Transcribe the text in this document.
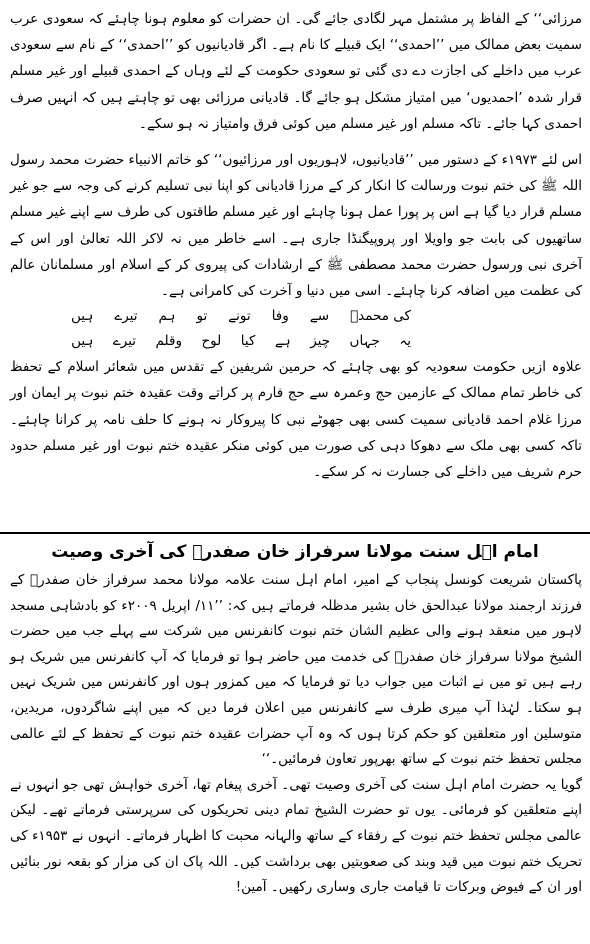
مرزائی‘‘ کے الفاظ پر مشتمل مہر لگادی جائے گی۔ ان حضرات کو معلوم ہونا چاہئے کہ سعودی عرب سمیت بعض ممالک میں ’’احمدی‘‘ ایک قبیلے کا نام ہے۔ اگر قادیانیوں کو ’’احمدی‘‘ کے نام سے سعودی عرب میں داخلے کی اجازت دے دی گئی تو سعودی حکومت کے لئے وہاں کے احمدی قبیلے اور غیر مسلم قرار شدہ ’احمدیوں‘ میں امتیاز مشکل ہو جائے گا۔ قادیانی مرزائی بھی تو چاہتے ہیں کہ انہیں صرف احمدی کہا جائے۔ تاکہ مسلم اور غیر مسلم میں کوئی فرق وامتیاز نہ ہو سکے۔

اس لئے ۱۹۷۳ء کے دستور میں ’’قادیانیوں، لاہوریوں اور مرزائیوں‘‘ کو خاتم الانبیاء حضرت محمد رسول اللہ ﷺ کی ختم نبوت ورسالت کا انکار کر کے مرزا قادیانی کو اپنا نبی تسلیم کرنے کی وجہ سے جو غیر مسلم قرار دیا گیا ہے اس پر پورا عمل ہونا چاہئے اور غیر مسلم طاقتوں کی طرف سے اپنے غیر مسلم ساتھیوں کی بابت جو واویلا اور پروپیگنڈا جاری ہے۔ اسے خاطر میں نہ لاکر اللہ تعالیٰ اور اس کے آخری نبی ورسول حضرت محمد مصطفی ﷺ کے ارشادات کی پیروی کر کے اسلام اور مسلمانان عالم کی عظمت میں اضافہ کرنا چاہئے۔ اسی میں دنیا و آخرت کی کامرانی ہے۔

کی محمدؐ
سے
وفا
تونے
تو
ہم
تیرے
ہیں
یہ
جہاں
چیز
ہے
کیا
لوح
وقلم
تیرے
ہیں

علاوہ ازیں حکومت سعودیہ کو بھی چاہئے کہ حرمین شریفین کے تقدس میں شعائر اسلام کے تحفظ کی خاطر تمام ممالک کے عازمین حج وعمرہ سے حج فارم پر کراتے وقت عقیدہ ختم نبوت پر ایمان اور مرزا غلام احمد قادیانی سمیت کسی بھی جھوٹے نبی کا پیروکار نہ ہونے کا حلف نامہ پر کرانا چاہئے۔ تاکہ کسی بھی ملک سے دھوکا دہی کی صورت میں کوئی منکر عقیدہ ختم نبوت اور غیر مسلم حدود حرم شریف میں داخلے کی جسارت نہ کر سکے۔

امام اہل سنت مولانا سرفراز خان صفدرؒ کی آخری وصیت

پاکستان شریعت کونسل پنجاب کے امیر، امام اہل سنت علامہ مولانا محمد سرفراز خان صفدرؒ کے فرزند ارجمند مولانا عبدالحق خاں بشیر مدظلہ فرماتے ہیں کہ: ’’۱۱/ اپریل ۲۰۰۹ء کو بادشاہی مسجد لاہور میں منعقد ہونے والی عظیم الشان ختم نبوت کانفرنس میں شرکت سے پہلے جب میں حضرت الشیخ مولانا سرفراز خان صفدرؒ کی خدمت میں حاضر ہوا تو فرمایا کہ آپ کانفرنس میں شریک ہو رہے ہیں تو میں نے اثبات میں جواب دیا تو فرمایا کہ میں کمزور ہوں اور کانفرنس میں شریک نہیں ہو سکتا۔ لہٰذا آپ میری طرف سے کانفرنس میں اعلان فرما دیں کہ میں اپنے شاگردوں، مریدین، متوسلین اور متعلقین کو حکم کرتا ہوں کہ وہ آپ حضرات عقیدہ ختم نبوت کے تحفظ کے لئے عالمی مجلس تحفظ ختم نبوت کے ساتھ بھرپور تعاون فرمائیں۔‘‘

گویا یہ حضرت امام اہل سنت کی آخری وصیت تھی۔ آخری پیغام تھا، آخری خواہش تھی جو انہوں نے اپنے متعلقین کو فرمائی۔ یوں تو حضرت الشیخ تمام دینی تحریکوں کی سرپرستی فرماتے تھے۔ لیکن عالمی مجلس تحفظ ختم نبوت کے رفقاء کے ساتھ والہانہ محبت کا اظہار فرماتے۔ انہوں نے ۱۹۵۳ء کی تحریک ختم نبوت میں قید وبند کی صعوبتیں بھی برداشت کیں۔ اللہ پاک ان کی مزار کو بقعہ نور بنائیں اور ان کے فیوض وبرکات تا قیامت جاری وساری رکھیں۔ آمین!
